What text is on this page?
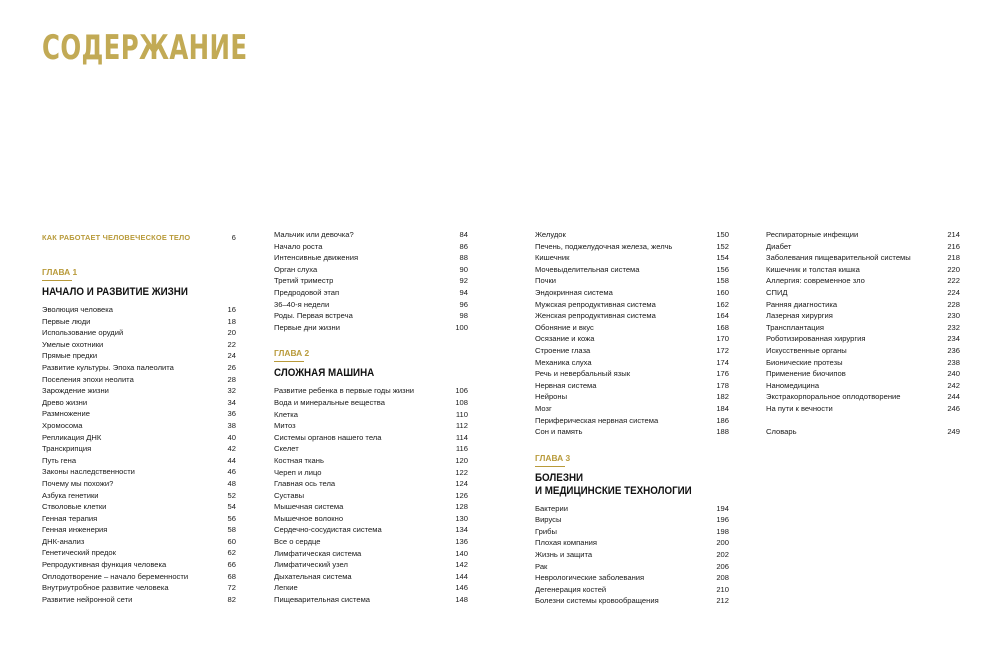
СОДЕРЖАНИЕ
КАК РАБОТАЕТ ЧЕЛОВЕЧЕСКОЕ ТЕЛО	6
ГЛАВА 1
НАЧАЛО И РАЗВИТИЕ ЖИЗНИ
Эволюция человека	16
Первые люди	18
Использование орудий	20
Умелые охотники	22
Прямые предки	24
Развитие культуры. Эпоха палеолита	26
Поселения эпохи неолита	28
Зарождение жизни	32
Древо жизни	34
Размножение	36
Хромосома	38
Репликация ДНК	40
Транскрипция	42
Путь гена	44
Законы наследственности	46
Почему мы похожи?	48
Азбука генетики	52
Стволовые клетки	54
Генная терапия	56
Генная инженерия	58
ДНК-анализ	60
Генетический предок	62
Репродуктивная функция человека	66
Оплодотворение – начало беременности	68
Внутриутробное развитие человека	72
Развитие нейронной сети	82
Мальчик или девочка?	84
Начало роста	86
Интенсивные движения	88
Орган слуха	90
Третий триместр	92
Предродовой этап	94
36–40-я недели	96
Роды. Первая встреча	98
Первые дни жизни	100
ГЛАВА 2
СЛОЖНАЯ МАШИНА
Развитие ребенка в первые годы жизни	106
Вода и минеральные вещества	108
Клетка	110
Митоз	112
Системы органов нашего тела	114
Скелет	116
Костная ткань	120
Череп и лицо	122
Главная ось тела	124
Суставы	126
Мышечная система	128
Мышечное волокно	130
Сердечно-сосудистая система	134
Все о сердце	136
Лимфатическая система	140
Лимфатический узел	142
Дыхательная система	144
Легкие	146
Пищеварительная система	148
Желудок	150
Печень, поджелудочная железа, желчь	152
Кишечник	154
Мочевыделительная система	156
Почки	158
Эндокринная система	160
Мужская репродуктивная система	162
Женская репродуктивная система	164
Обоняние и вкус	168
Осязание и кожа	170
Строение глаза	172
Механика слуха	174
Речь и невербальный язык	176
Нервная система	178
Нейроны	182
Мозг	184
Периферическая нервная система	186
Сон и память	188
ГЛАВА 3
БОЛЕЗНИ
И МЕДИЦИНСКИЕ ТЕХНОЛОГИИ
Бактерии	194
Вирусы	196
Грибы	198
Плохая компания	200
Жизнь и защита	202
Рак	206
Неврологические заболевания	208
Дегенерация костей	210
Болезни системы кровообращения	212
Респираторные инфекции	214
Диабет	216
Заболевания пищеварительной системы	218
Кишечник и толстая кишка	220
Аллергия: современное зло	222
СПИД	224
Ранняя диагностика	228
Лазерная хирургия	230
Трансплантация	232
Роботизированная хирургия	234
Искусственные органы	236
Бионические протезы	238
Применение биочипов	240
Наномедицина	242
Экстракорпоральное оплодотворение	244
На пути к вечности	246
Словарь	249
